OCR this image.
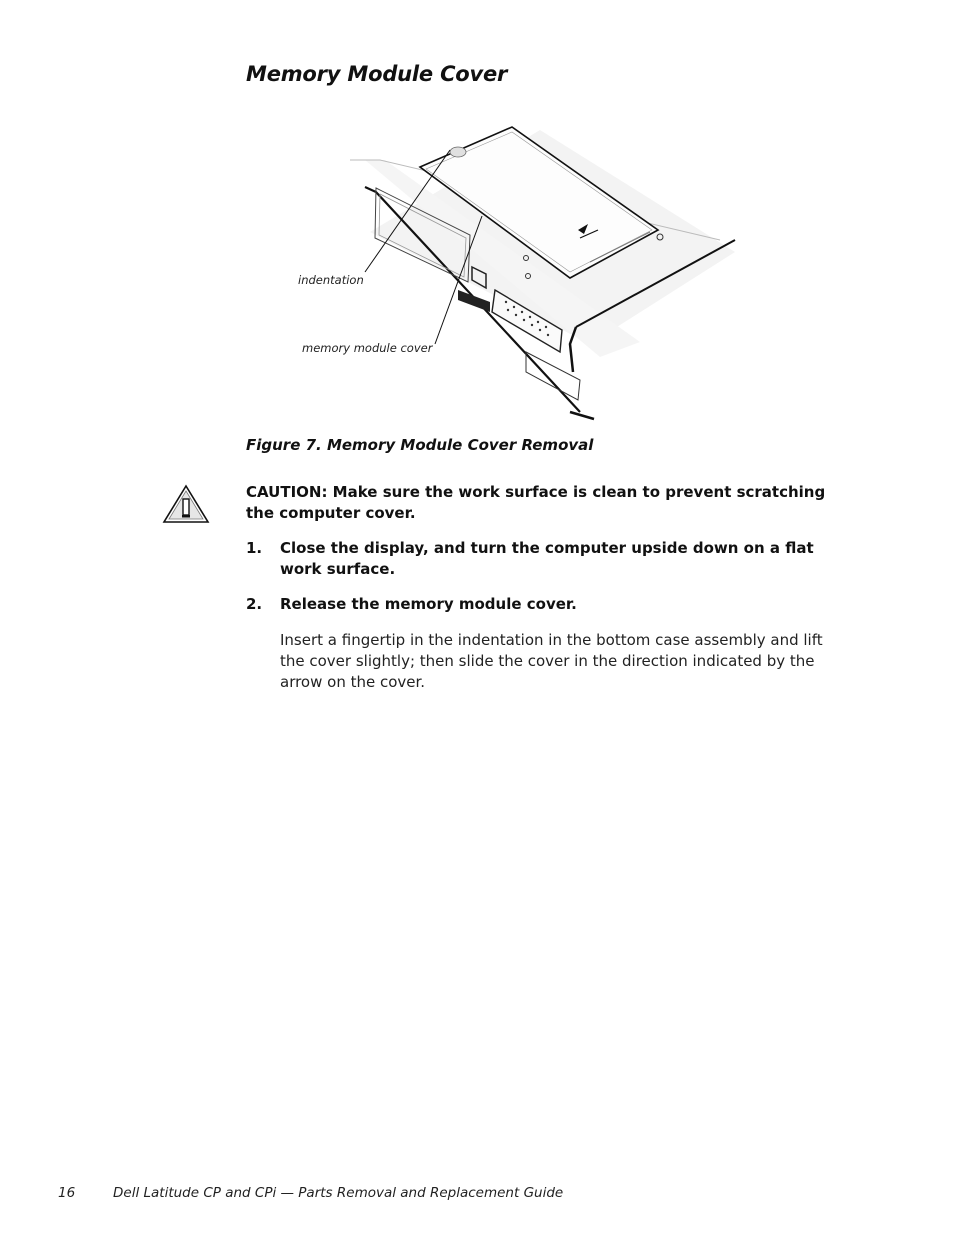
Memory Module Cover
indentation
memory module cover

Figure 7. Memory Module Cover Removal

CAUTION: Make sure the work surface is clean to prevent scratching the computer cover.

1. Close the display, and turn the computer upside down on a flat work surface.

2. Release the memory module cover.

Insert a fingertip in the indentation in the bottom case assembly and lift the cover slightly; then slide the cover in the direction indicated by the arrow on the cover.

16	Dell Latitude CP and CPi — Parts Removal and Replacement Guide
